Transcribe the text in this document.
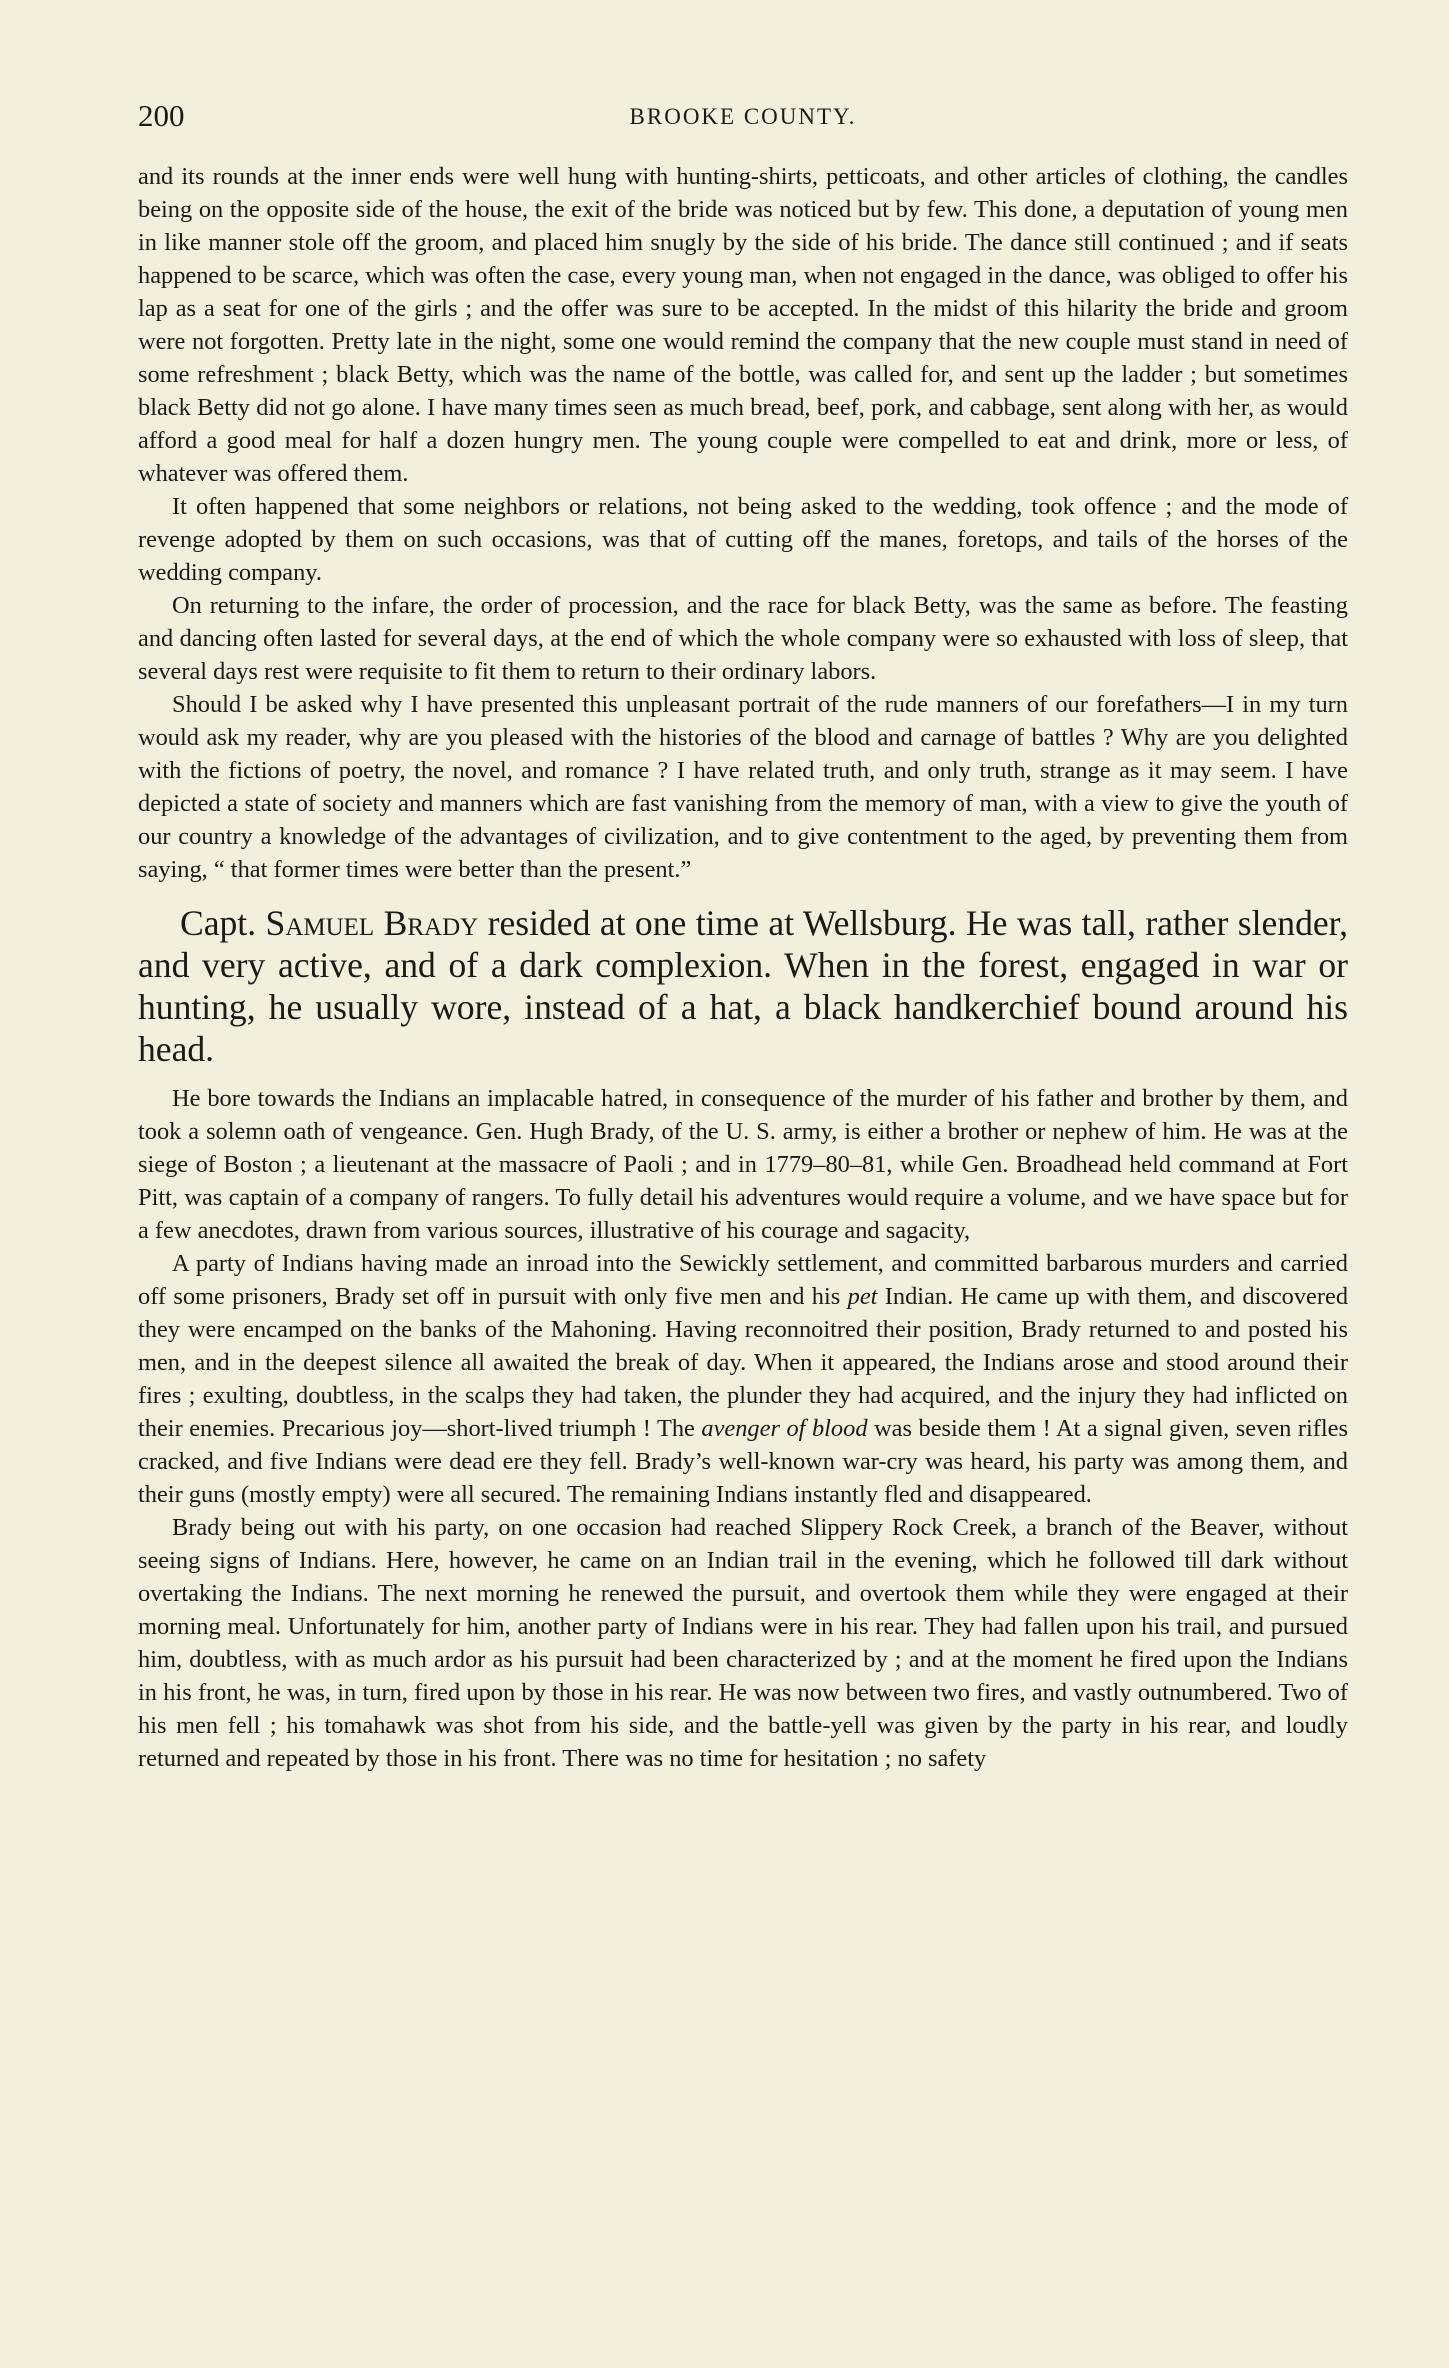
200	BROOKE COUNTY.

and its rounds at the inner ends were well hung with hunting-shirts, petticoats, and other articles of clothing, the candles being on the opposite side of the house, the exit of the bride was noticed but by few. This done, a deputation of young men in like manner stole off the groom, and placed him snugly by the side of his bride. The dance still continued ; and if seats happened to be scarce, which was often the case, every young man, when not engaged in the dance, was obliged to offer his lap as a seat for one of the girls ; and the offer was sure to be accepted. In the midst of this hilarity the bride and groom were not forgotten. Pretty late in the night, some one would remind the company that the new couple must stand in need of some refreshment ; black Betty, which was the name of the bottle, was called for, and sent up the ladder ; but sometimes black Betty did not go alone. I have many times seen as much bread, beef, pork, and cabbage, sent along with her, as would afford a good meal for half a dozen hungry men. The young couple were compelled to eat and drink, more or less, of whatever was offered them.

It often happened that some neighbors or relations, not being asked to the wedding, took offence ; and the mode of revenge adopted by them on such occasions, was that of cutting off the manes, foretops, and tails of the horses of the wedding company.

On returning to the infare, the order of procession, and the race for black Betty, was the same as before. The feasting and dancing often lasted for several days, at the end of which the whole company were so exhausted with loss of sleep, that several days rest were requisite to fit them to return to their ordinary labors.

Should I be asked why I have presented this unpleasant portrait of the rude manners of our forefathers—I in my turn would ask my reader, why are you pleased with the histories of the blood and carnage of battles ? Why are you delighted with the fictions of poetry, the novel, and romance ? I have related truth, and only truth, strange as it may seem. I have depicted a state of society and manners which are fast vanishing from the memory of man, with a view to give the youth of our country a knowledge of the advantages of civilization, and to give contentment to the aged, by preventing them from saying, “ that former times were better than the present.”

Capt. Samuel Brady resided at one time at Wellsburg. He was tall, rather slender, and very active, and of a dark complexion. When in the forest, engaged in war or hunting, he usually wore, instead of a hat, a black handkerchief bound around his head.

He bore towards the Indians an implacable hatred, in consequence of the murder of his father and brother by them, and took a solemn oath of vengeance. Gen. Hugh Brady, of the U. S. army, is either a brother or nephew of him. He was at the siege of Boston ; a lieutenant at the massacre of Paoli ; and in 1779–80–81, while Gen. Broadhead held command at Fort Pitt, was captain of a company of rangers. To fully detail his adventures would require a volume, and we have space but for a few anecdotes, drawn from various sources, illustrative of his courage and sagacity,

A party of Indians having made an inroad into the Sewickly settlement, and committed barbarous murders and carried off some prisoners, Brady set off in pursuit with only five men and his pet Indian. He came up with them, and discovered they were encamped on the banks of the Mahoning. Having reconnoitred their position, Brady returned to and posted his men, and in the deepest silence all awaited the break of day. When it appeared, the Indians arose and stood around their fires ; exulting, doubtless, in the scalps they had taken, the plunder they had acquired, and the injury they had inflicted on their enemies. Precarious joy—short-lived triumph ! The avenger of blood was beside them ! At a signal given, seven rifles cracked, and five Indians were dead ere they fell. Brady’s well-known war-cry was heard, his party was among them, and their guns (mostly empty) were all secured. The remaining Indians instantly fled and disappeared.

Brady being out with his party, on one occasion had reached Slippery Rock Creek, a branch of the Beaver, without seeing signs of Indians. Here, however, he came on an Indian trail in the evening, which he followed till dark without overtaking the Indians. The next morning he renewed the pursuit, and overtook them while they were engaged at their morning meal. Unfortunately for him, another party of Indians were in his rear. They had fallen upon his trail, and pursued him, doubtless, with as much ardor as his pursuit had been characterized by ; and at the moment he fired upon the Indians in his front, he was, in turn, fired upon by those in his rear. He was now between two fires, and vastly outnumbered. Two of his men fell ; his tomahawk was shot from his side, and the battle-yell was given by the party in his rear, and loudly returned and repeated by those in his front. There was no time for hesitation ; no safety
